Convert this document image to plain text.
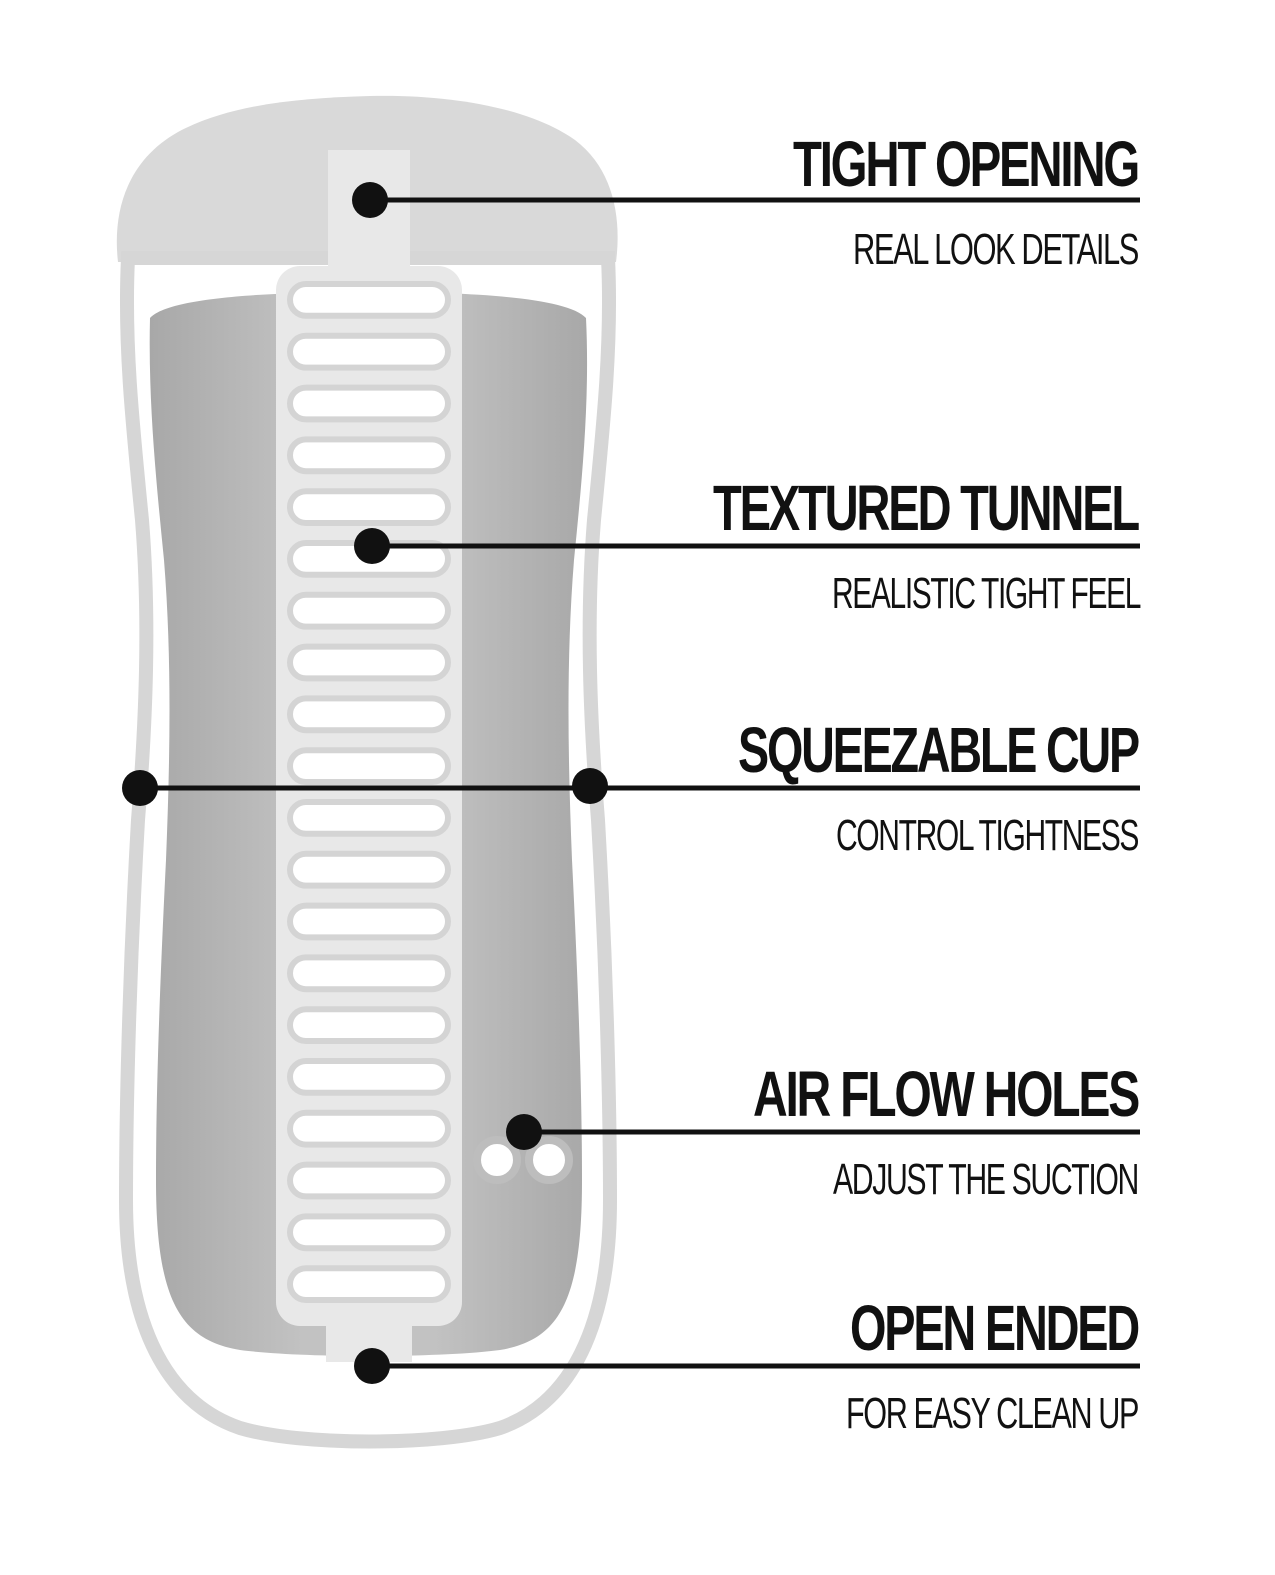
TIGHT OPENING
REAL LOOK DETAILS
TEXTURED TUNNEL
REALISTIC TIGHT FEEL
SQUEEZABLE CUP
CONTROL TIGHTNESS
AIR FLOW HOLES
ADJUST THE SUCTION
OPEN ENDED
FOR EASY CLEAN UP
